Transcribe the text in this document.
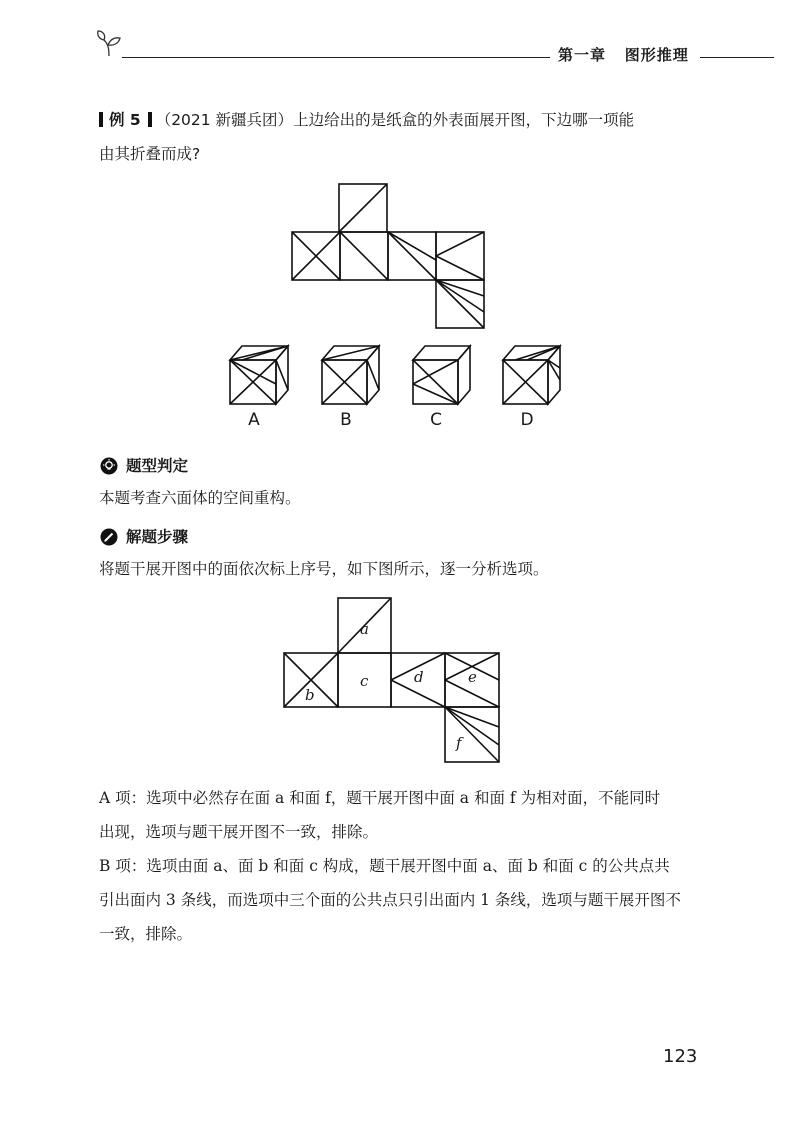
第一章 图形推理
例 5 （2021 新疆兵团）上边给出的是纸盒的外表面展开图，下边哪一项能
由其折叠而成?
a
b
c	d	e
f
A	B	C	D
题型判定
本题考查六面体的空间重构。
解题步骤
将题干展开图中的面依次标上序号，如下图所示，逐一分析选项。
A 项：选项中必然存在面 a 和面 f，题干展开图中面 a 和面 f 为相对面，不能同时
出现，选项与题干展开图不一致，排除。
B 项：选项由面 a、面 b 和面 c 构成，题干展开图中面 a、面 b 和面 c 的公共点共
引出面内 3 条线，而选项中三个面的公共点只引出面内 1 条线，选项与题干展开图不
一致，排除。
123
